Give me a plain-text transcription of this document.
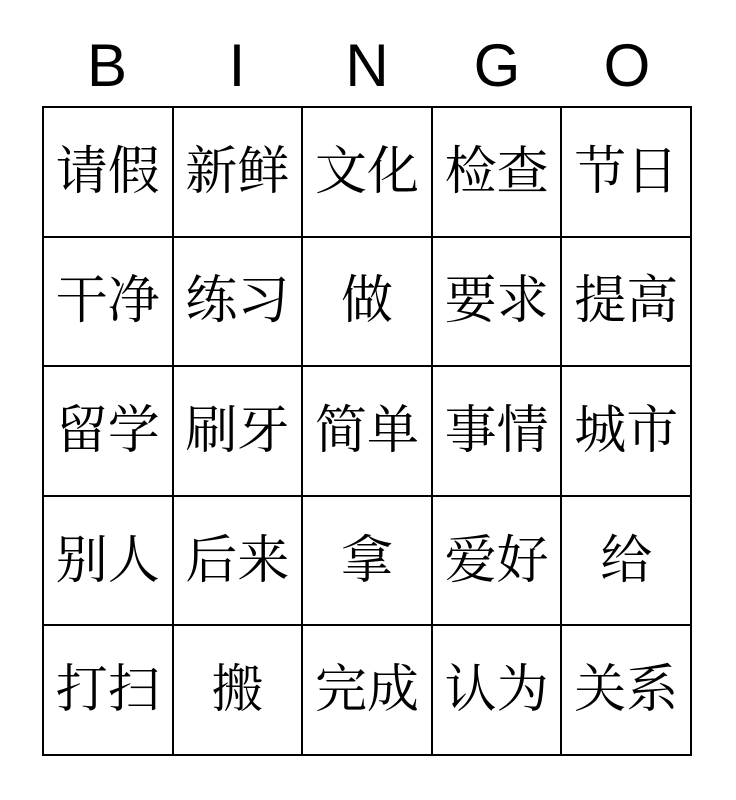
B	I	N	G	O
请假 新鲜 文化 检查 节日
干净 练习 做 要求 提高
留学 刷牙 简单 事情 城市
别人 后来 拿 爱好 给
打扫 搬 完成 认为 关系
